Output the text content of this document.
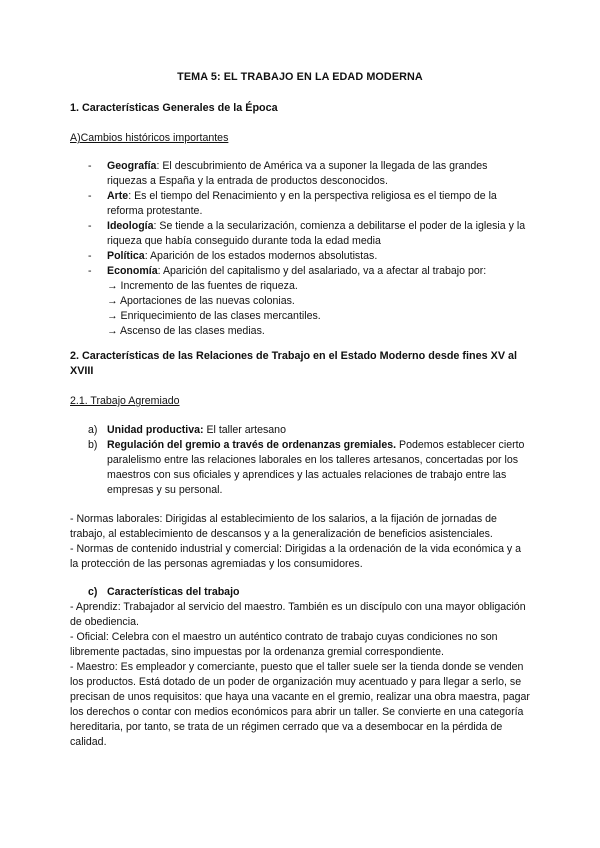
TEMA 5: EL TRABAJO EN LA EDAD MODERNA
1. Características Generales de la Época
A)Cambios históricos importantes
- Geografía: El descubrimiento de América va a suponer la llegada de las grandes riquezas a España y la entrada de productos desconocidos.
- Arte: Es el tiempo del Renacimiento y en la perspectiva religiosa es el tiempo de la reforma protestante.
- Ideología: Se tiende a la secularización, comienza a debilitarse el poder de la iglesia y la riqueza que había conseguido durante toda la edad media
- Política: Aparición de los estados modernos absolutistas.
- Economía: Aparición del capitalismo y del asalariado, va a afectar al trabajo por:
→ Incremento de las fuentes de riqueza.
→ Aportaciones de las nuevas colonias.
→ Enriquecimiento de las clases mercantiles.
→ Ascenso de las clases medias.
2. Características de las Relaciones de Trabajo en el Estado Moderno desde fines XV al XVIII
2.1. Trabajo Agremiado
a) Unidad productiva: El taller artesano
b) Regulación del gremio a través de ordenanzas gremiales. Podemos establecer cierto paralelismo entre las relaciones laborales en los talleres artesanos, concertadas por los maestros con sus oficiales y aprendices y las actuales relaciones de trabajo entre las empresas y su personal.
- Normas laborales: Dirigidas al establecimiento de los salarios, a la fijación de jornadas de trabajo, al establecimiento de descansos y a la generalización de beneficios asistenciales.
- Normas de contenido industrial y comercial: Dirigidas a la ordenación de la vida económica y a la protección de las personas agremiadas y los consumidores.
c) Características del trabajo
- Aprendiz: Trabajador al servicio del maestro. También es un discípulo con una mayor obligación de obediencia.
- Oficial: Celebra con el maestro un auténtico contrato de trabajo cuyas condiciones no son libremente pactadas, sino impuestas por la ordenanza gremial correspondiente.
- Maestro: Es empleador y comerciante, puesto que el taller suele ser la tienda donde se venden los productos. Está dotado de un poder de organización muy acentuado y para llegar a serlo, se precisan de unos requisitos: que haya una vacante en el gremio, realizar una obra maestra, pagar los derechos o contar con medios económicos para abrir un taller. Se convierte en una categoría hereditaria, por tanto, se trata de un régimen cerrado que va a desembocar en la pérdida de calidad.
